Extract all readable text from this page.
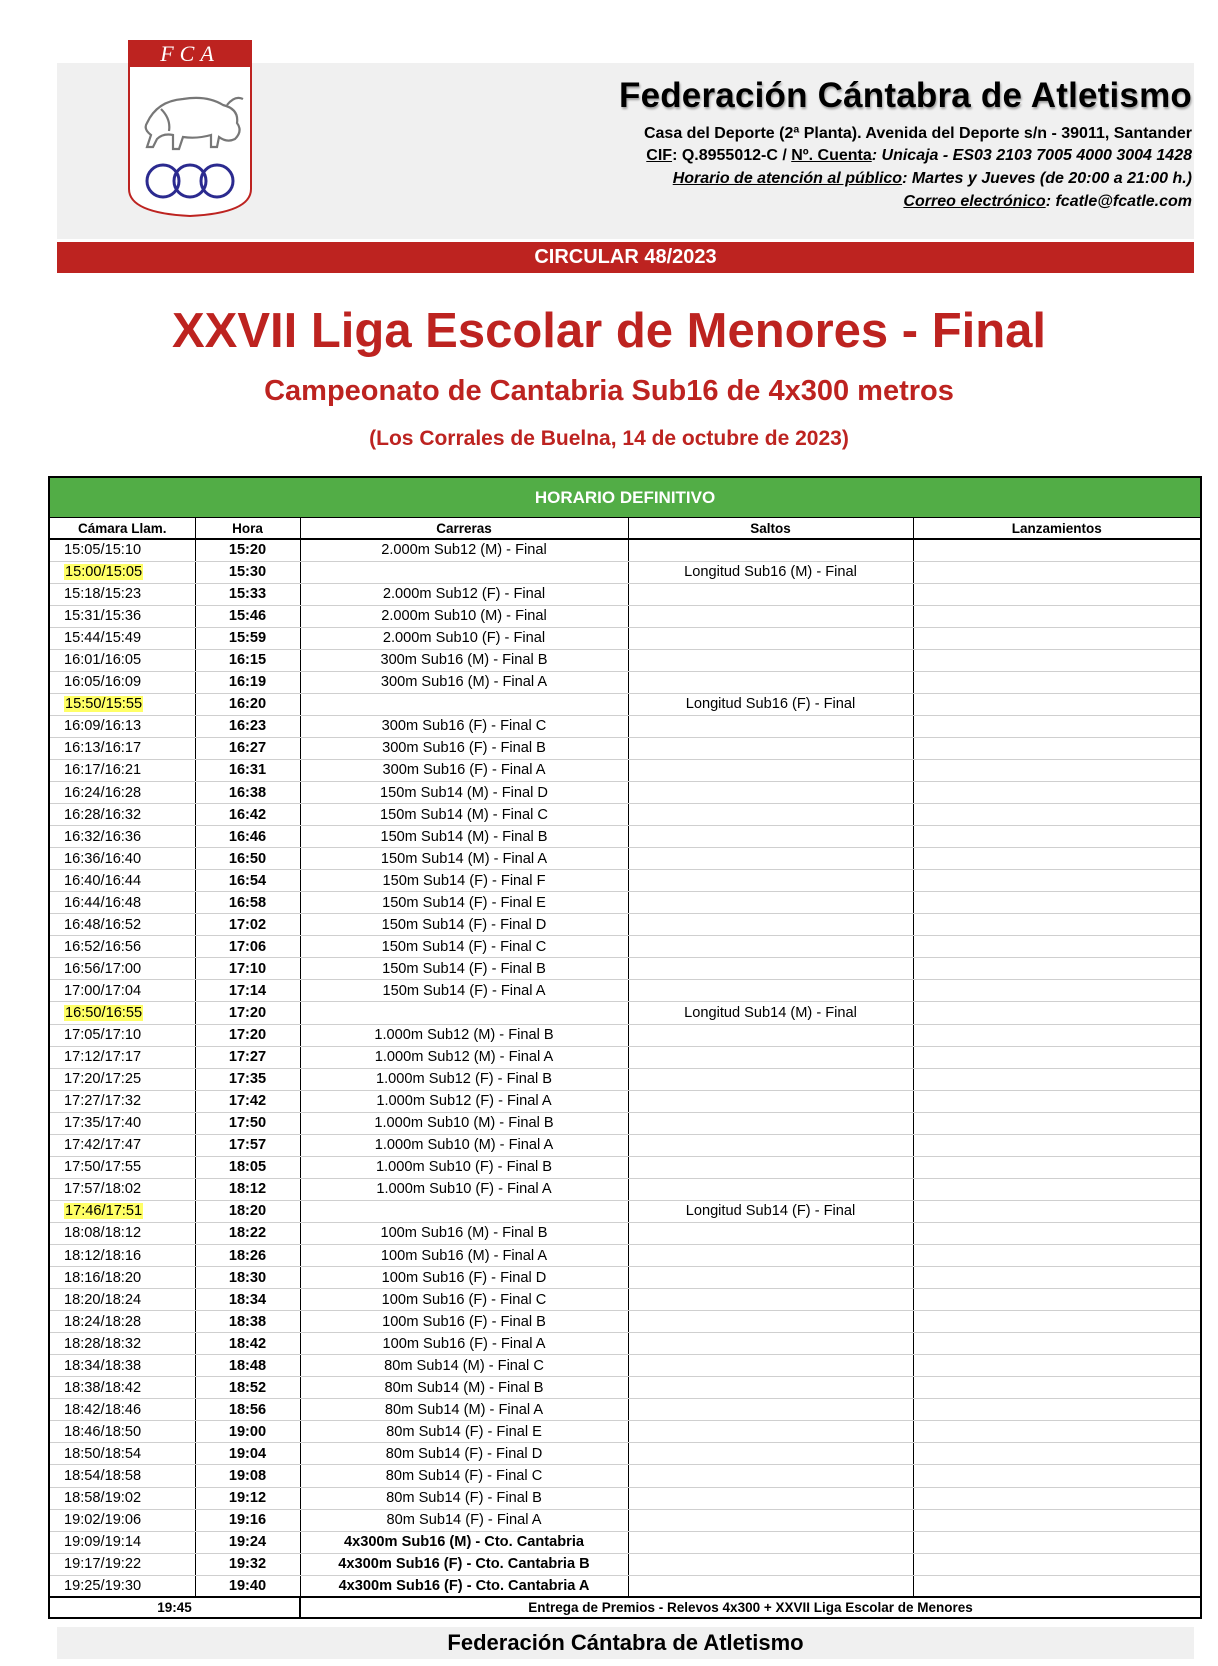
FCA
Federación Cántabra de Atletismo
Casa del Deporte (2ª Planta). Avenida del Deporte s/n - 39011, Santander
CIF: Q.8955012-C / Nº. Cuenta: Unicaja - ES03 2103 7005 4000 3004 1428
Horario de atención al público: Martes y Jueves (de 20:00 a 21:00 h.)
Correo electrónico: fcatle@fcatle.com
CIRCULAR 48/2023
XXVII Liga Escolar de Menores - Final
Campeonato de Cantabria Sub16 de 4x300 metros
(Los Corrales de Buelna, 14 de octubre de 2023)
HORARIO DEFINITIVO				
Cámara Llam.	Hora	Carreras	Saltos	Lanzamientos
15:05/15:10	15:20	2.000m Sub12 (M) - Final		
15:00/15:05	15:30		Longitud Sub16 (M) - Final	
15:18/15:23	15:33	2.000m Sub12 (F) - Final		
15:31/15:36	15:46	2.000m Sub10 (M) - Final		
15:44/15:49	15:59	2.000m Sub10 (F) - Final		
16:01/16:05	16:15	300m Sub16 (M) - Final B		
16:05/16:09	16:19	300m Sub16 (M) - Final A		
15:50/15:55	16:20		Longitud Sub16 (F) - Final	
16:09/16:13	16:23	300m Sub16 (F) - Final C		
16:13/16:17	16:27	300m Sub16 (F) - Final B		
16:17/16:21	16:31	300m Sub16 (F) - Final A		
16:24/16:28	16:38	150m Sub14 (M) - Final D		
16:28/16:32	16:42	150m Sub14 (M) - Final C		
16:32/16:36	16:46	150m Sub14 (M) - Final B		
16:36/16:40	16:50	150m Sub14 (M) - Final A		
16:40/16:44	16:54	150m Sub14 (F) - Final F		
16:44/16:48	16:58	150m Sub14 (F) - Final E		
16:48/16:52	17:02	150m Sub14 (F) - Final D		
16:52/16:56	17:06	150m Sub14 (F) - Final C		
16:56/17:00	17:10	150m Sub14 (F) - Final B		
17:00/17:04	17:14	150m Sub14 (F) - Final A		
16:50/16:55	17:20		Longitud Sub14 (M) - Final	
17:05/17:10	17:20	1.000m Sub12 (M) - Final B		
17:12/17:17	17:27	1.000m Sub12 (M) - Final A		
17:20/17:25	17:35	1.000m Sub12 (F) - Final B		
17:27/17:32	17:42	1.000m Sub12 (F) - Final A		
17:35/17:40	17:50	1.000m Sub10 (M) - Final B		
17:42/17:47	17:57	1.000m Sub10 (M) - Final A		
17:50/17:55	18:05	1.000m Sub10 (F) - Final B		
17:57/18:02	18:12	1.000m Sub10 (F) - Final A		
17:46/17:51	18:20		Longitud Sub14 (F) - Final	
18:08/18:12	18:22	100m Sub16 (M) - Final B		
18:12/18:16	18:26	100m Sub16 (M) - Final A		
18:16/18:20	18:30	100m Sub16 (F) - Final D		
18:20/18:24	18:34	100m Sub16 (F) - Final C		
18:24/18:28	18:38	100m Sub16 (F) - Final B		
18:28/18:32	18:42	100m Sub16 (F) - Final A		
18:34/18:38	18:48	80m Sub14 (M) - Final C		
18:38/18:42	18:52	80m Sub14 (M) - Final B		
18:42/18:46	18:56	80m Sub14 (M) - Final A		
18:46/18:50	19:00	80m Sub14 (F) - Final E		
18:50/18:54	19:04	80m Sub14 (F) - Final D		
18:54/18:58	19:08	80m Sub14 (F) - Final C		
18:58/19:02	19:12	80m Sub14 (F) - Final B		
19:02/19:06	19:16	80m Sub14 (F) - Final A		
19:09/19:14	19:24	4x300m Sub16 (M) - Cto. Cantabria		
19:17/19:22	19:32	4x300m Sub16 (F) - Cto. Cantabria B		
19:25/19:30	19:40	4x300m Sub16 (F) - Cto. Cantabria A		
19:45		Entrega de Premios - Relevos 4x300 + XXVII Liga Escolar de Menores		
Federación Cántabra de Atletismo
